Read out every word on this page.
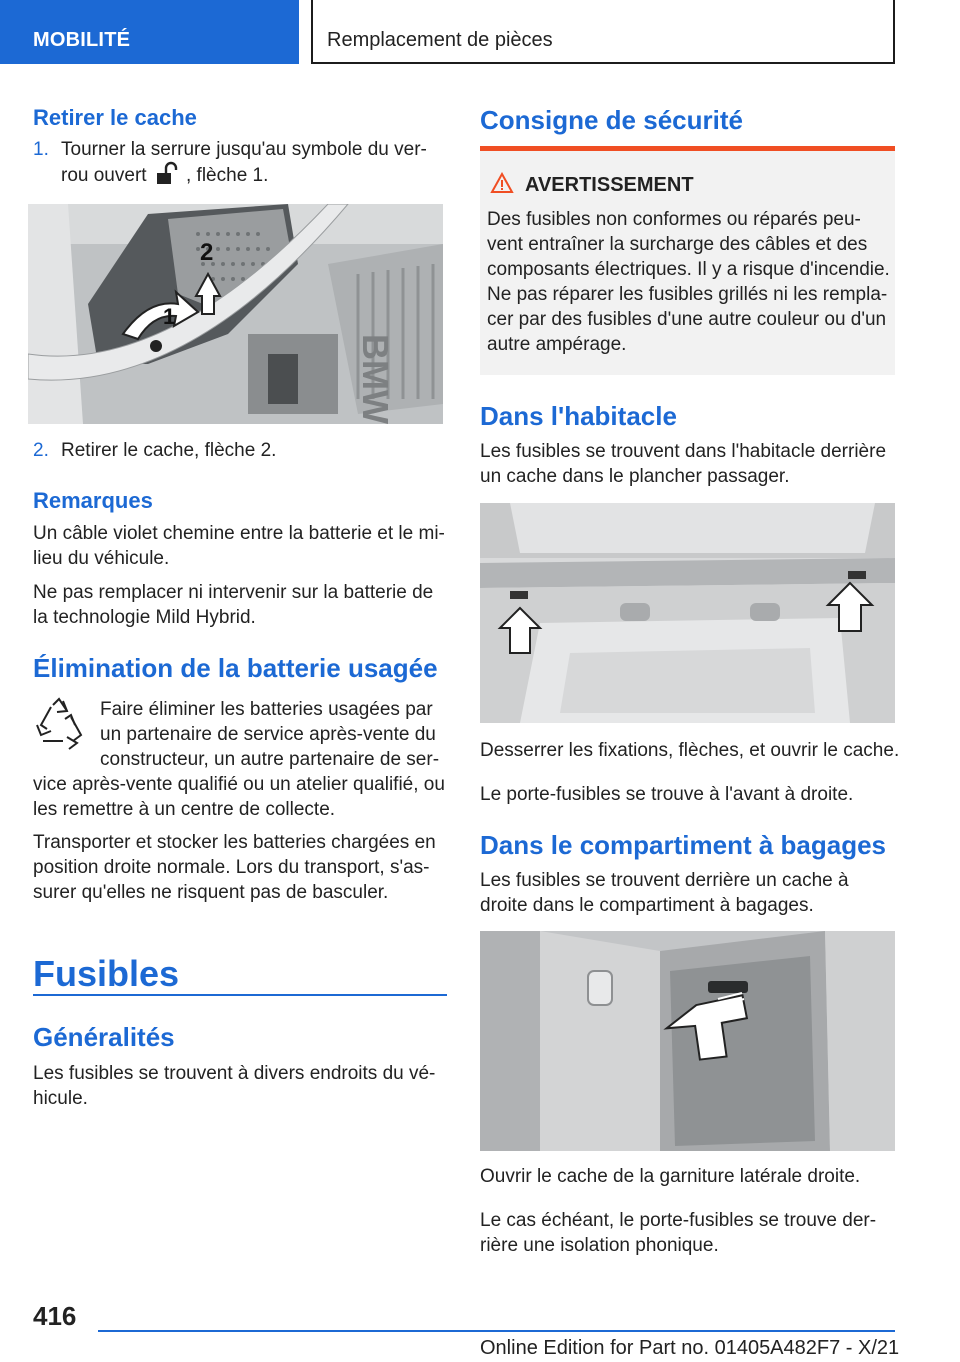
MOBILITÉ	Remplacement de pièces
Retirer le cache
1. Tourner la serrure jusqu'au symbole du ver‐
rou ouvert , flèche 1.
BMW
2
1
2. Retirer le cache, flèche 2.
Remarques
Un câble violet chemine entre la batterie et le mi‐
lieu du véhicule.
Ne pas remplacer ni intervenir sur la batterie de
la technologie Mild Hybrid.
Élimination de la batterie usagée
Faire éliminer les batteries usagées par
un partenaire de service après-vente du
constructeur, un autre partenaire de ser‐
vice après-vente qualifié ou un atelier qualifié, ou
les remettre à un centre de collecte.
Transporter et stocker les batteries chargées en
position droite normale. Lors du transport, s'as‐
surer qu'elles ne risquent pas de basculer.
Fusibles
Généralités
Les fusibles se trouvent à divers endroits du vé‐
hicule.
Consigne de sécurité
AVERTISSEMENT
Des fusibles non conformes ou réparés peu‐
vent entraîner la surcharge des câbles et des
composants électriques. Il y a risque d'incendie.
Ne pas réparer les fusibles grillés ni les rempla‐
cer par des fusibles d'une autre couleur ou d'un
autre ampérage.
Dans l'habitacle
Les fusibles se trouvent dans l'habitacle derrière
un cache dans le plancher passager.
Desserrer les fixations, flèches, et ouvrir le cache.
Le porte-fusibles se trouve à l'avant à droite.
Dans le compartiment à bagages
Les fusibles se trouvent derrière un cache à
droite dans le compartiment à bagages.
Ouvrir le cache de la garniture latérale droite.
Le cas échéant, le porte-fusibles se trouve der‐
rière une isolation phonique.
416
Online Edition for Part no. 01405A482F7 - X/21
